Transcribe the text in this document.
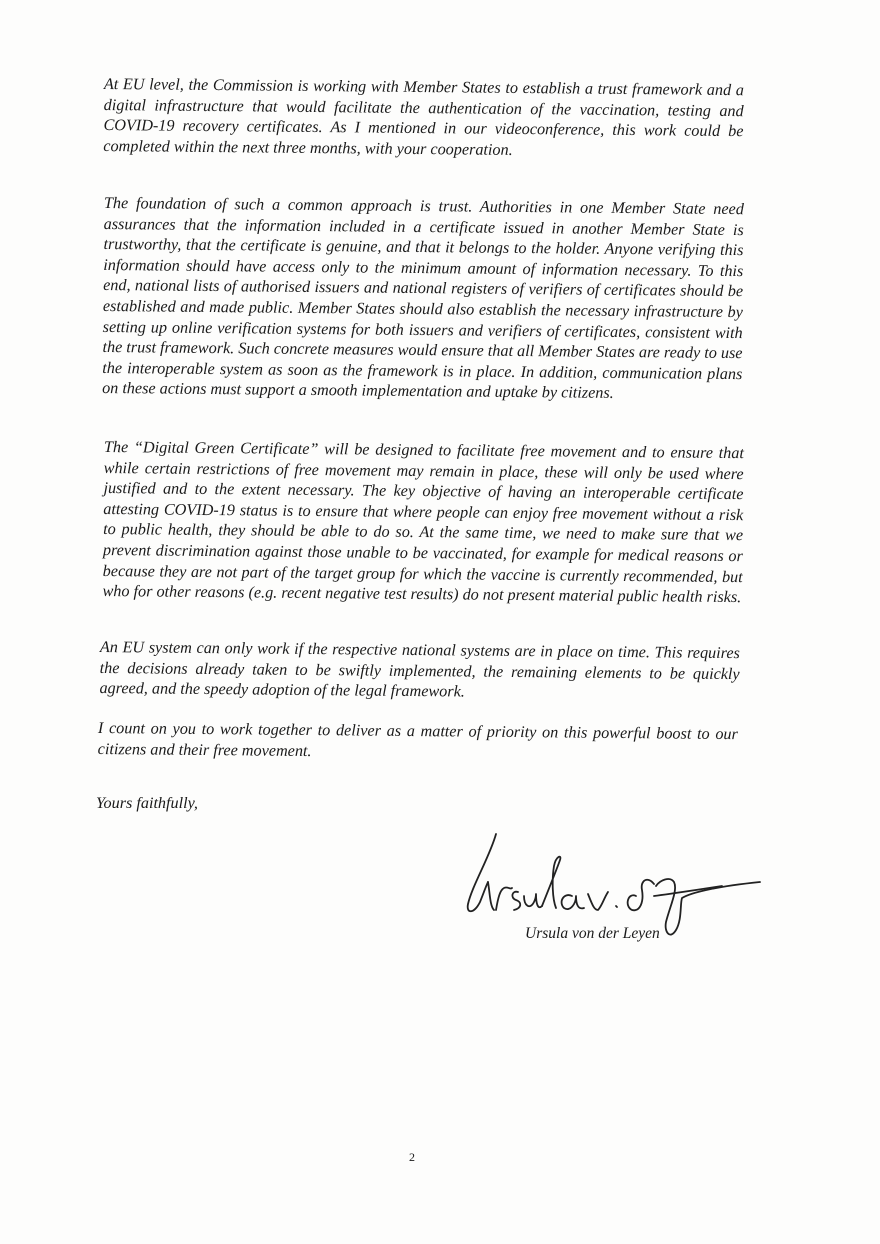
At EU level, the Commission is working with Member States to establish a trust framework and a digital infrastructure that would facilitate the authentication of the vaccination, testing and COVID-19 recovery certificates. As I mentioned in our videoconference, this work could be completed within the next three months, with your cooperation.

The foundation of such a common approach is trust. Authorities in one Member State need assurances that the information included in a certificate issued in another Member State is trustworthy, that the certificate is genuine, and that it belongs to the holder. Anyone verifying this information should have access only to the minimum amount of information necessary. To this end, national lists of authorised issuers and national registers of verifiers of certificates should be established and made public. Member States should also establish the necessary infrastructure by setting up online verification systems for both issuers and verifiers of certificates, consistent with the trust framework. Such concrete measures would ensure that all Member States are ready to use the interoperable system as soon as the framework is in place. In addition, communication plans on these actions must support a smooth implementation and uptake by citizens.

The “Digital Green Certificate” will be designed to facilitate free movement and to ensure that while certain restrictions of free movement may remain in place, these will only be used where justified and to the extent necessary. The key objective of having an interoperable certificate attesting COVID-19 status is to ensure that where people can enjoy free movement without a risk to public health, they should be able to do so. At the same time, we need to make sure that we prevent discrimination against those unable to be vaccinated, for example for medical reasons or because they are not part of the target group for which the vaccine is currently recommended, but who for other reasons (e.g. recent negative test results) do not present material public health risks.

An EU system can only work if the respective national systems are in place on time. This requires the decisions already taken to be swiftly implemented, the remaining elements to be quickly agreed, and the speedy adoption of the legal framework.

I count on you to work together to deliver as a matter of priority on this powerful boost to our citizens and their free movement.

Yours faithfully,

Ursula von der Leyen

2
